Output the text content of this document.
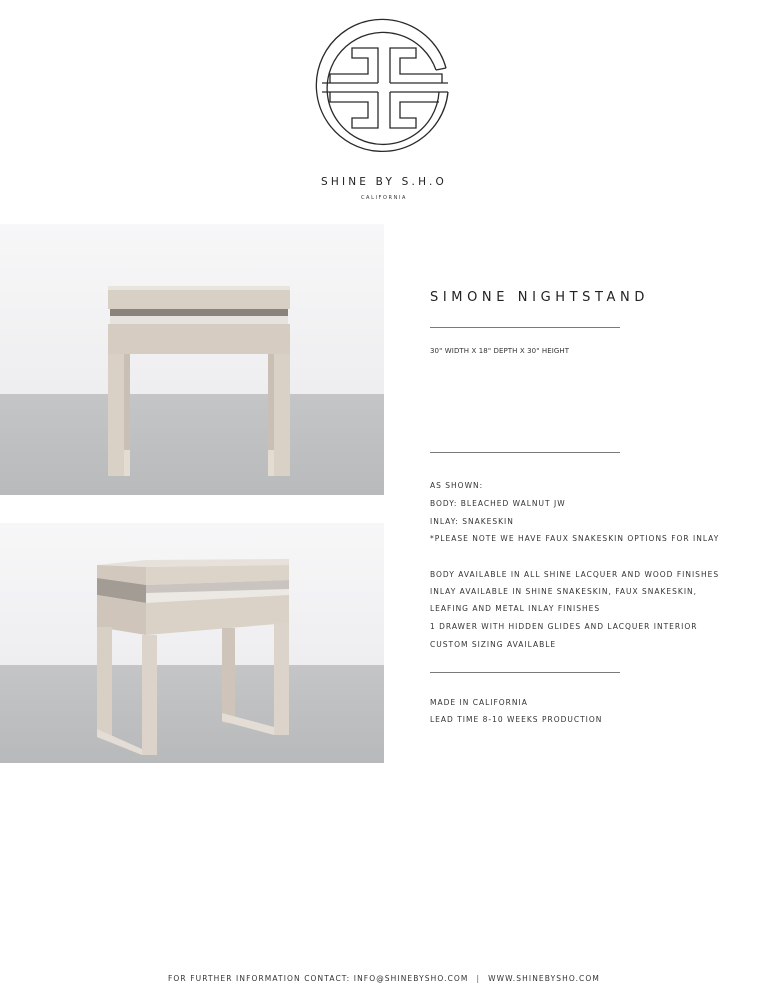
SHINE BY S.H.O
CALIFORNIA
SIMONE NIGHTSTAND
30" WIDTH X 18" DEPTH X 30" HEIGHT
AS SHOWN:
BODY: BLEACHED WALNUT JW
INLAY: SNAKESKIN
*PLEASE NOTE WE HAVE FAUX SNAKESKIN OPTIONS FOR INLAY
BODY AVAILABLE IN ALL SHINE LACQUER AND WOOD FINISHES
INLAY AVAILABLE IN SHINE SNAKESKIN, FAUX SNAKESKIN,
LEAFING AND METAL INLAY FINISHES
1 DRAWER WITH HIDDEN GLIDES AND LACQUER INTERIOR
CUSTOM SIZING AVAILABLE
MADE IN CALIFORNIA
LEAD TIME 8-10 WEEKS PRODUCTION
FOR FURTHER INFORMATION CONTACT: INFO@SHINEBYSHO.COM | WWW.SHINEBYSHO.COM
